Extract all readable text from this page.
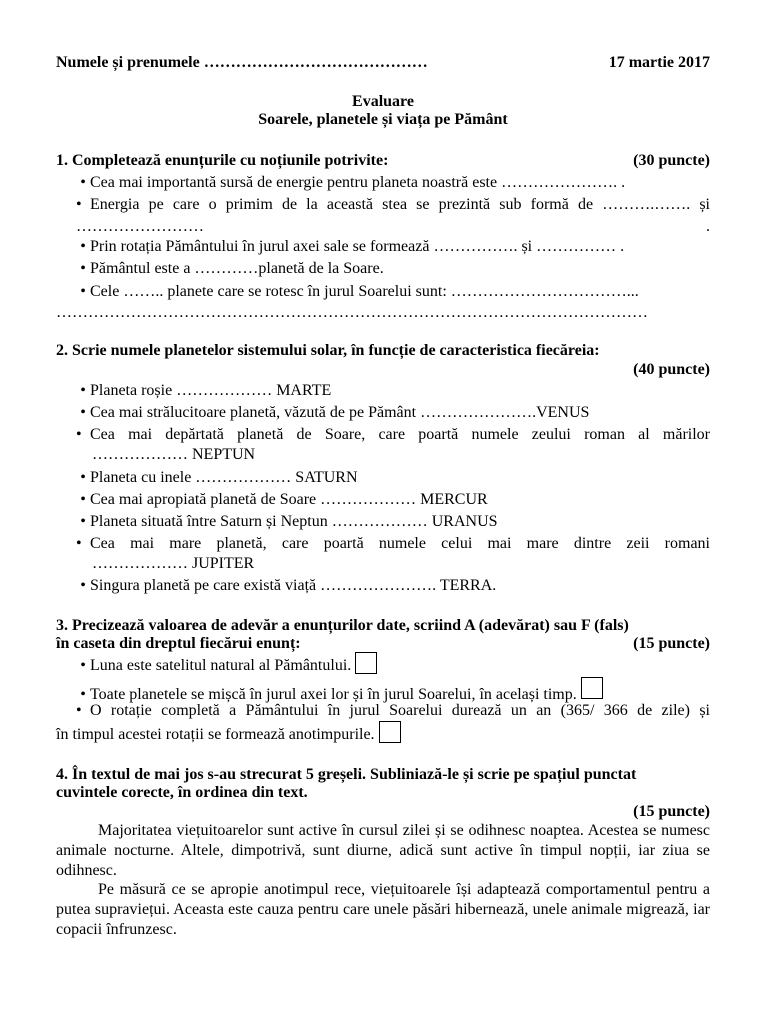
Numele și prenumele ……………………………………	17 martie 2017
Evaluare
Soarele, planetele și viața pe Pământ
1. Completează enunțurile cu noțiunile potrivite:	(30 puncte)
• Cea mai importantă sursă de energie pentru planeta noastră este …………………. .
• Energia pe care o primim de la această stea se prezintă sub formă de ……….……. și …………………… .
• Prin rotația Pământului în jurul axei sale se formează ……………. și …………… .
• Pământul este a …………planetă de la Soare.
• Cele …….. planete care se rotesc în jurul Soarelui sunt: ……………………………...
…………………………………………………………………………………………………
2. Scrie numele planetelor sistemului solar, în funcție de caracteristica fiecăreia:
(40 puncte)
• Planeta roșie ……………… MARTE
• Cea mai strălucitoare planetă, văzută de pe Pământ ………………….VENUS
• Cea mai depărtată planetă de Soare, care poartă numele zeului roman al mărilor
……………… NEPTUN
• Planeta cu inele ……………… SATURN
• Cea mai apropiată planetă de Soare ……………… MERCUR
• Planeta situată între Saturn și Neptun ……………… URANUS
• Cea mai mare planetă, care poartă numele celui mai mare dintre zeii romani
……………… JUPITER
• Singura planetă pe care există viață …………………. TERRA.
3. Precizează valoarea de adevăr a enunțurilor date, scriind A (adevărat) sau F (fals)
în caseta din dreptul fiecărui enunț:	(15 puncte)
• Luna este satelitul natural al Pământului.
• Toate planetele se mișcă în jurul axei lor și în jurul Soarelui, în același timp.
• O rotație completă a Pământului în jurul Soarelui durează un an (365/ 366 de zile) și
în timpul acestei rotații se formează anotimpurile.
4. În textul de mai jos s-au strecurat 5 greșeli. Subliniază-le și scrie pe spațiul punctat
cuvintele corecte, în ordinea din text.
(15 puncte)
Majoritatea viețuitoarelor sunt active în cursul zilei și se odihnesc noaptea. Acestea se numesc animale nocturne. Altele, dimpotrivă, sunt diurne, adică sunt active în timpul nopții, iar ziua se odihnesc.
Pe măsură ce se apropie anotimpul rece, viețuitoarele își adaptează comportamentul pentru a putea supraviețui. Aceasta este cauza pentru care unele păsări hibernează, unele animale migrează, iar copacii înfrunzesc.
